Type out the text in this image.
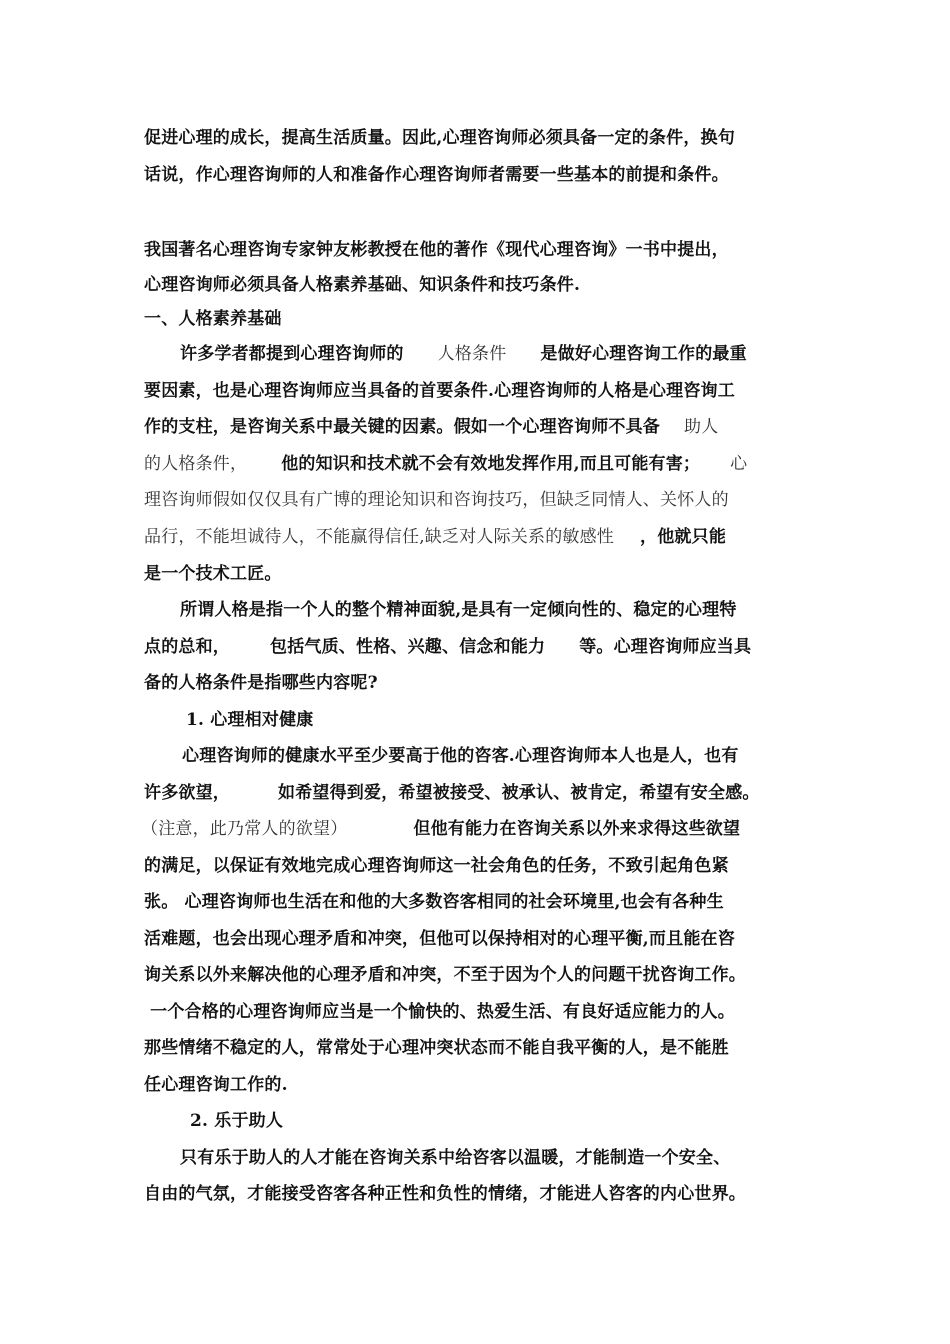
促进心理的成长，提高生活质量。因此,心理咨询师必须具备一定的条件，换句
话说，作心理咨询师的人和准备作心理咨询师者需要一些基本的前提和条件。
我国著名心理咨询专家钟友彬教授在他的著作《现代心理咨询》一书中提出，
心理咨询师必须具备人格素养基础、知识条件和技巧条件.
一、人格素养基础
许多学者都提到心理咨询师的 人格条件 是做好心理咨询工作的最重
要因素，也是心理咨询师应当具备的首要条件.心理咨询师的人格是心理咨询工
作的支柱，是咨询关系中最关键的因素。假如一个心理咨询师不具备 助人
的人格条件， 他的知识和技术就不会有效地发挥作用,而且可能有害； 心
理咨询师假如仅仅具有广博的理论知识和咨询技巧，但缺乏同情人、关怀人的
品行，不能坦诚待人，不能赢得信任,缺乏对人际关系的敏感性 ，他就只能
是一个技术工匠。
所谓人格是指一个人的整个精神面貌,是具有一定倾向性的、稳定的心理特
点的总和， 包括气质、性格、兴趣、信念和能力 等。心理咨询师应当具
备的人格条件是指哪些内容呢?
1. 心理相对健康
心理咨询师的健康水平至少要高于他的咨客.心理咨询师本人也是人，也有
许多欲望，	如希望得到爱，希望被接受、被承认、被肯定，希望有安全感。
（注意，此乃常人的欲望）	但他有能力在咨询关系以外来求得这些欲望
的满足，以保证有效地完成心理咨询师这一社会角色的任务，不致引起角色紧
张。 心理咨询师也生活在和他的大多数咨客相同的社会环境里,也会有各种生
活难题，也会出现心理矛盾和冲突，但他可以保持相对的心理平衡,而且能在咨
询关系以外来解决他的心理矛盾和冲突，不至于因为个人的问题干扰咨询工作。
一个合格的心理咨询师应当是一个愉快的、热爱生活、有良好适应能力的人。
那些情绪不稳定的人，常常处于心理冲突状态而不能自我平衡的人，是不能胜
任心理咨询工作的.
2. 乐于助人
只有乐于助人的人才能在咨询关系中给咨客以温暖，才能制造一个安全、
自由的气氛，才能接受咨客各种正性和负性的情绪，才能进人咨客的内心世界。
